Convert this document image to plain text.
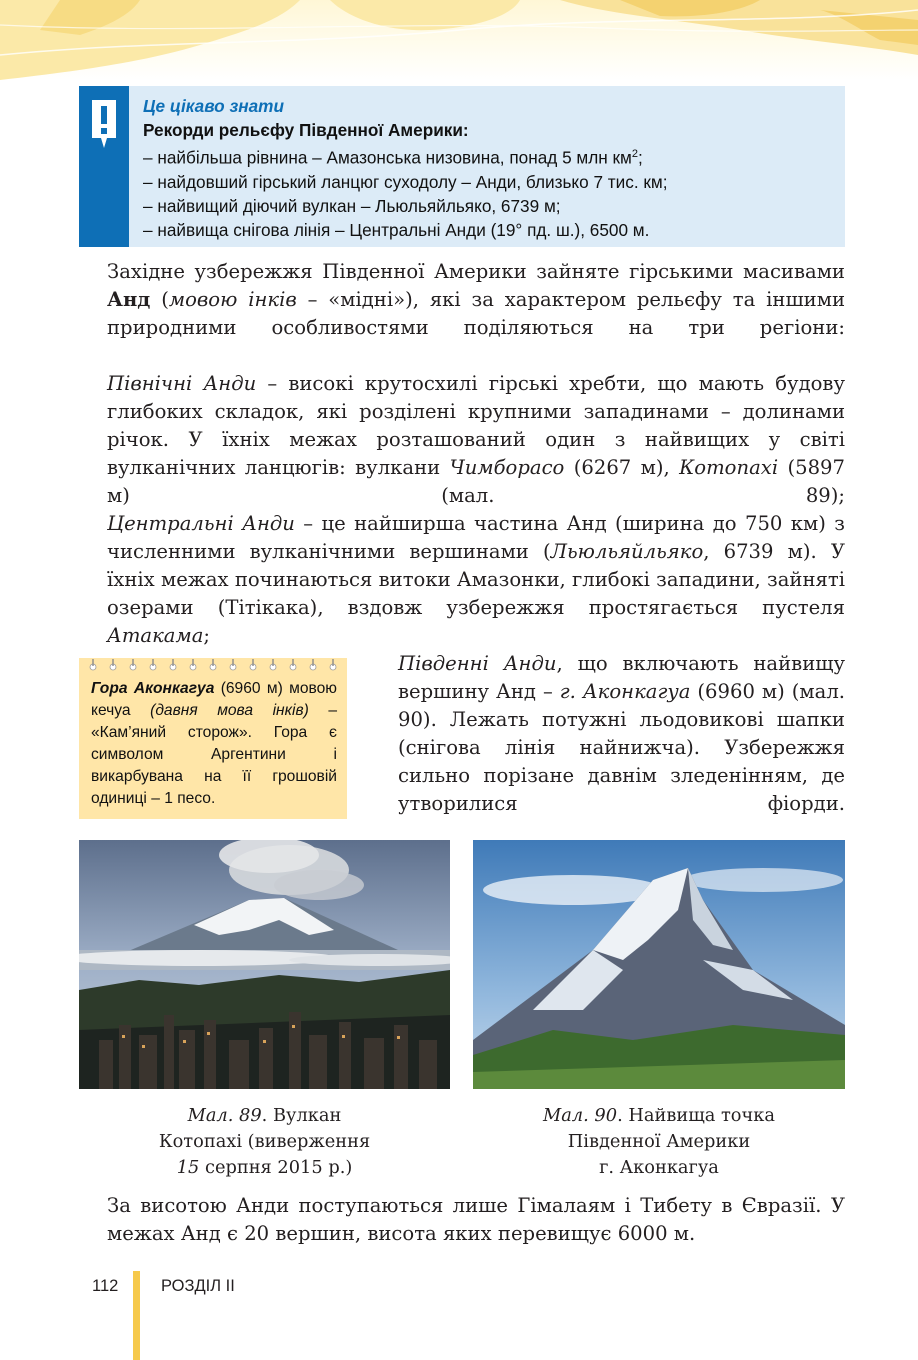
Це цікаво знати
Рекорди рельєфу Південної Америки:
– найбільша рівнина – Амазонська низовина, понад 5 млн $км^2$;
– найдовший гірський ланцюг суходолу – Анди, близько 7 тис. км;
– найвищий діючий вулкан – Льюльяйльяко, 6739 м;
– найвища снігова лінія – Центральні Анди (19° пд. ш.), 6500 м.

Західне узбережжя Південної Америки зайняте гірськими масивами Анд (мовою інків – «мідні»), які за характером рельєфу та іншими природними особливостями поділяються на три регіони:

Північні Анди – високі крутосхилі гірські хребти, що мають будову глибоких складок, які розділені крупними западинами – долинами річок. У їхніх межах розташований один з найвищих у світі вулканічних ланцюгів: вулкани Чимборасо (6267 м), Котопахі (5897 м) (мал. 89);

Центральні Анди – це найширша частина Анд (ширина до 750 км) з численними вулканічними вершинами (Льюльяйльяко, 6739 м). У їхніх межах починаються витоки Амазонки, глибокі западини, зайняті озерами (Тітікака), вздовж узбережжя простягається пустеля Атакама;

Гора Аконкагуа (6960 м) мовою кечуа (давня мова інків) – «Кам’яний сторож». Гора є символом Аргентини і викарбувана на її грошовій одиниці – 1 песо.

Південні Анди, що включають найвищу вершину Анд – г. Аконкагуа (6960 м) (мал. 90). Лежать потужні льодовикові шапки (снігова лінія найнижча). Узбережжя сильно порізане давнім зледенінням, де утворилися фіорди.

Мал. 89. Вулкан
Котопахі (виверження
15 серпня 2015 р.)
Мал. 90. Найвища точка
Південної Америки
г. Аконкагуа

За висотою Анди поступаються лише Гімалаям і Тибету в Євразії. У межах Анд є 20 вершин, висота яких перевищує 6000 м.

112	РОЗДІЛ II
